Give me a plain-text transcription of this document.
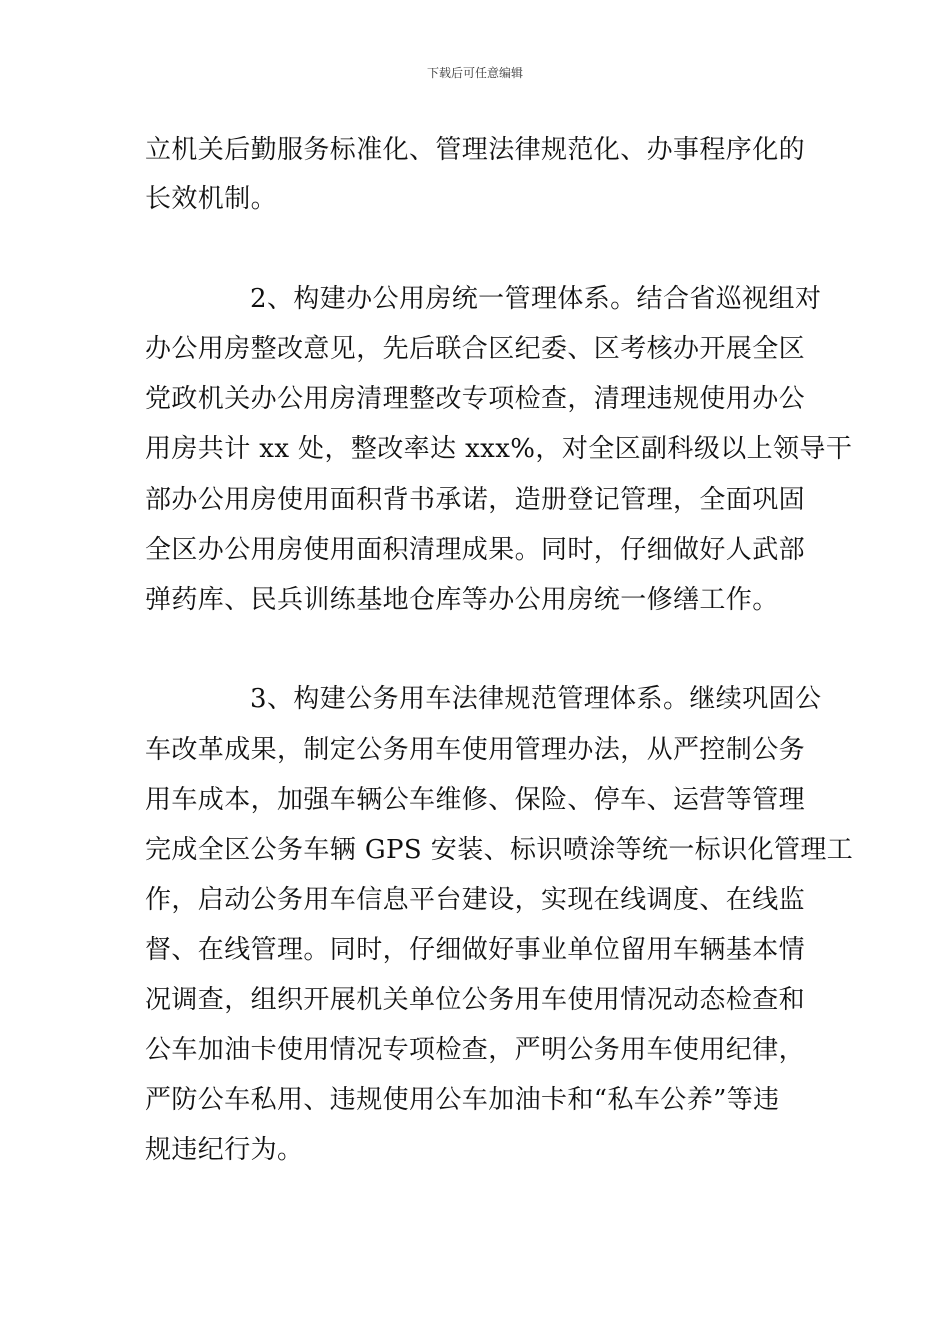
下载后可任意编辑
立机关后勤服务标准化、管理法律规范化、办事程序化的
长效机制。
2、构建办公用房统一管理体系。结合省巡视组对
办公用房整改意见，先后联合区纪委、区考核办开展全区
党政机关办公用房清理整改专项检查，清理违规使用办公
用房共计 xx 处，整改率达 xxx%，对全区副科级以上领导干
部办公用房使用面积背书承诺，造册登记管理，全面巩固
全区办公用房使用面积清理成果。同时，仔细做好人武部
弹药库、民兵训练基地仓库等办公用房统一修缮工作。
3、构建公务用车法律规范管理体系。继续巩固公
车改革成果，制定公务用车使用管理办法，从严控制公务
用车成本，加强车辆公车维修、保险、停车、运营等管理
完成全区公务车辆 GPS 安装、标识喷涂等统一标识化管理工
作，启动公务用车信息平台建设，实现在线调度、在线监
督、在线管理。同时，仔细做好事业单位留用车辆基本情
况调查，组织开展机关单位公务用车使用情况动态检查和
公车加油卡使用情况专项检查，严明公务用车使用纪律，
严防公车私用、违规使用公车加油卡和“私车公养”等违
规违纪行为。
